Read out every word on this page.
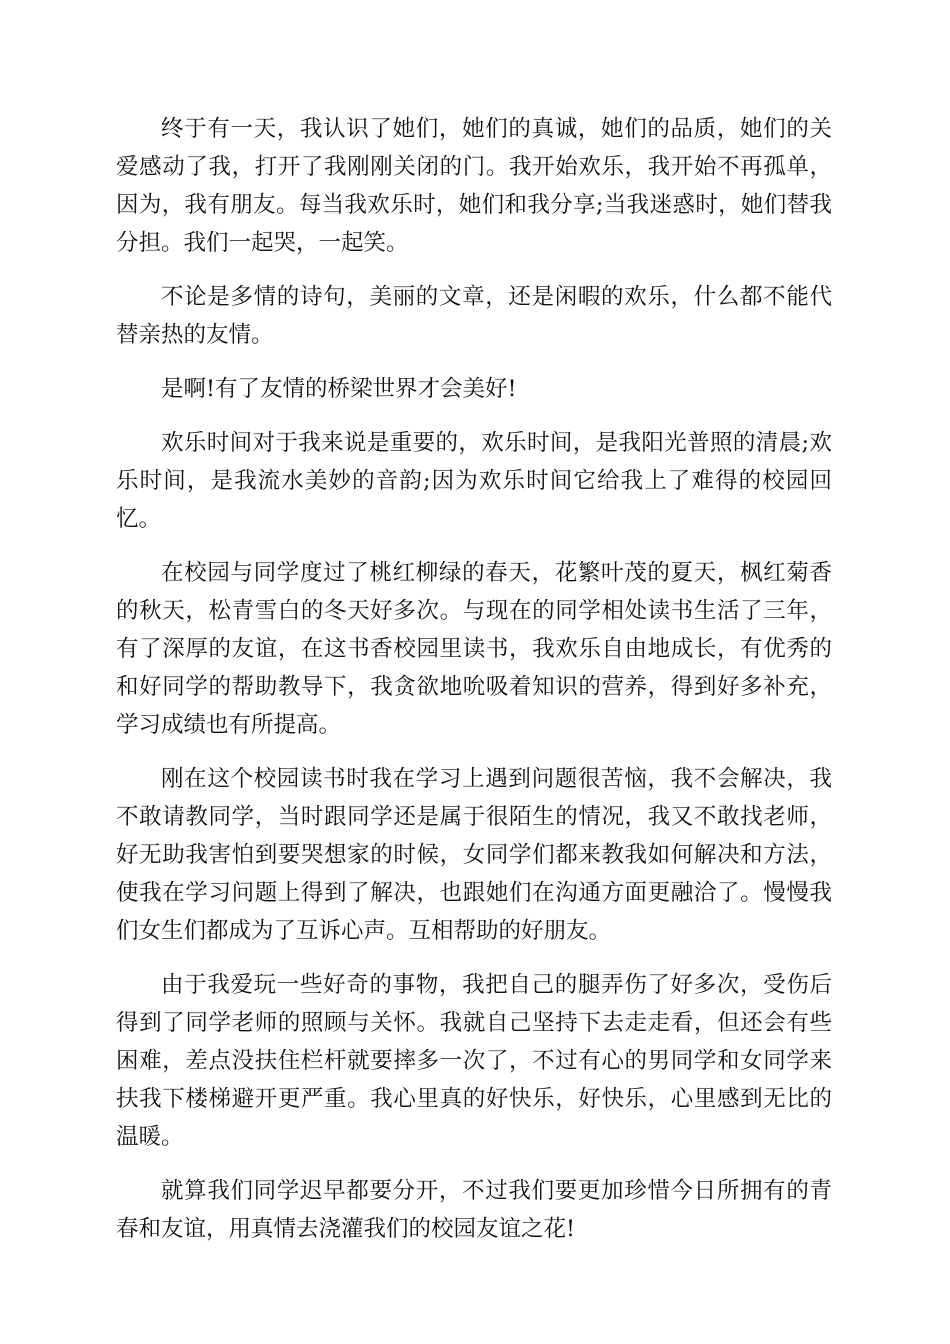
终于有一天，我认识了她们，她们的真诚，她们的品质，她们的关爱感动了我，打开了我刚刚关闭的门。我开始欢乐，我开始不再孤单，因为，我有朋友。每当我欢乐时，她们和我分享;当我迷惑时，她们替我分担。我们一起哭，一起笑。

不论是多情的诗句，美丽的文章，还是闲暇的欢乐，什么都不能代替亲热的友情。

是啊!有了友情的桥梁世界才会美好!

欢乐时间对于我来说是重要的，欢乐时间，是我阳光普照的清晨;欢乐时间，是我流水美妙的音韵;因为欢乐时间它给我上了难得的校园回忆。

在校园与同学度过了桃红柳绿的春天，花繁叶茂的夏天，枫红菊香的秋天，松青雪白的冬天好多次。与现在的同学相处读书生活了三年，有了深厚的友谊，在这书香校园里读书，我欢乐自由地成长，有优秀的和好同学的帮助教导下，我贪欲地吮吸着知识的营养，得到好多补充，学习成绩也有所提高。

刚在这个校园读书时我在学习上遇到问题很苦恼，我不会解决，我不敢请教同学，当时跟同学还是属于很陌生的情况，我又不敢找老师，好无助我害怕到要哭想家的时候，女同学们都来教我如何解决和方法，使我在学习问题上得到了解决，也跟她们在沟通方面更融洽了。慢慢我们女生们都成为了互诉心声。互相帮助的好朋友。

由于我爱玩一些好奇的事物，我把自己的腿弄伤了好多次，受伤后得到了同学老师的照顾与关怀。我就自己坚持下去走走看，但还会有些困难，差点没扶住栏杆就要摔多一次了，不过有心的男同学和女同学来扶我下楼梯避开更严重。我心里真的好快乐，好快乐，心里感到无比的温暖。

就算我们同学迟早都要分开，不过我们要更加珍惜今日所拥有的青春和友谊，用真情去浇灌我们的校园友谊之花!
